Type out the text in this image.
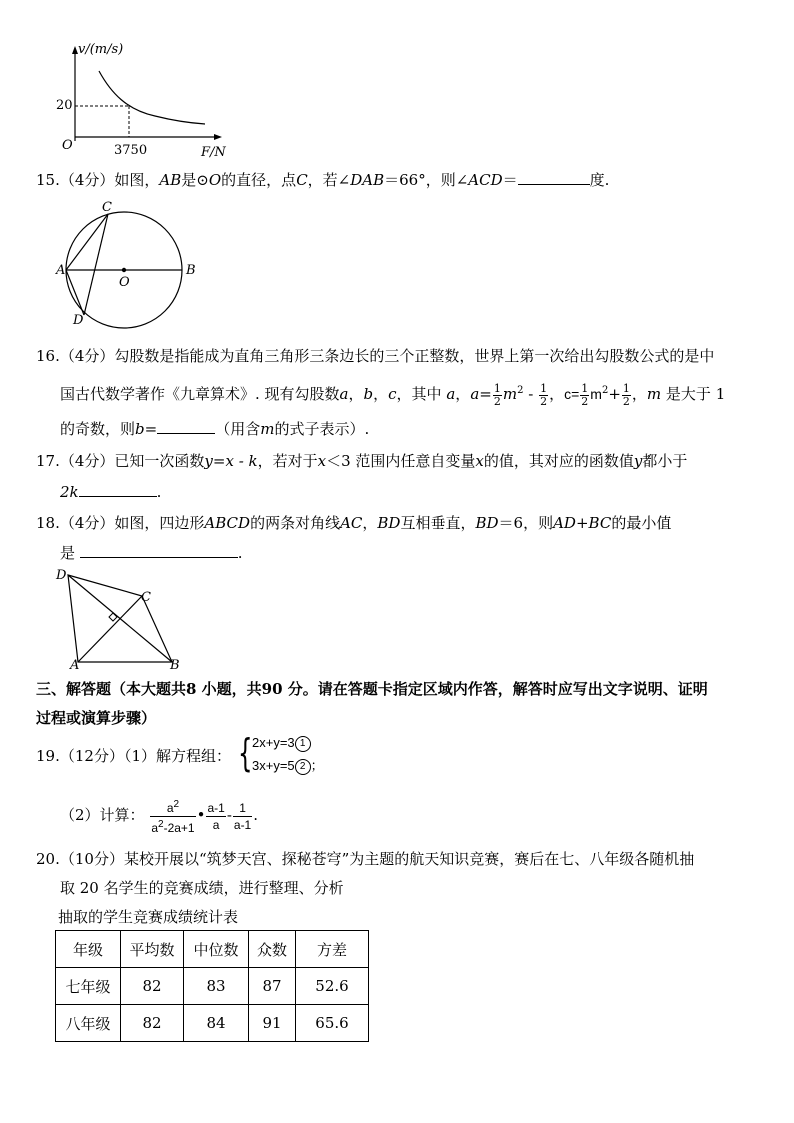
v/(m/s)
20
O	3750	F/N
15.（4分）如图，AB是⊙O的直径，点C，若∠DAB＝66°，则∠ACD＝	度.
C
A
O
B
D
16.（4分）勾股数是指能成为直角三角形三条边长的三个正整数，世界上第一次给出勾股数公式的是中
国古代数学著作《九章算术》. 现有勾股数a，b，c，其中 a，$a= \frac{1}{2} m^2 - \frac{1}{2}$ ，$c= \frac{1}{2} m^2+ \frac{1}{2}$ ，m 是大于 1
的奇数，则b=	（用含m的式子表示）.
17.（4分）已知一次函数y=x - k，若对于x＜3 范围内任意自变量x的值，其对应的函数值y都小于
2k	.
18.（4分）如图，四边形ABCD的两条对角线AC，BD互相垂直，BD＝6，则AD+BC的最小值
是	.
D
C
A	B
三、解答题（本大题共8 小题，共90 分。请在答题卡指定区域内作答，解答时应写出文字说明、证明
过程或演算步骤）
19.（12分）（1）解方程组： { 2x+y=3 1
3x+y=5 2 ；
（2）计算： $\frac{a^2}{a^2-2a+1}$ • $\frac{a-1}{a} - \frac{1}{a-1}$ .
20.（10分）某校开展以“筑梦天宫、探秘苍穹”为主题的航天知识竞赛，赛后在七、八年级各随机抽
取 20 名学生的竞赛成绩，进行整理、分析
抽取的学生竞赛成绩统计表
年级	平均数	中位数	众数	方差
七年级	82	83	87	52.6
八年级	82	84	91	65.6
